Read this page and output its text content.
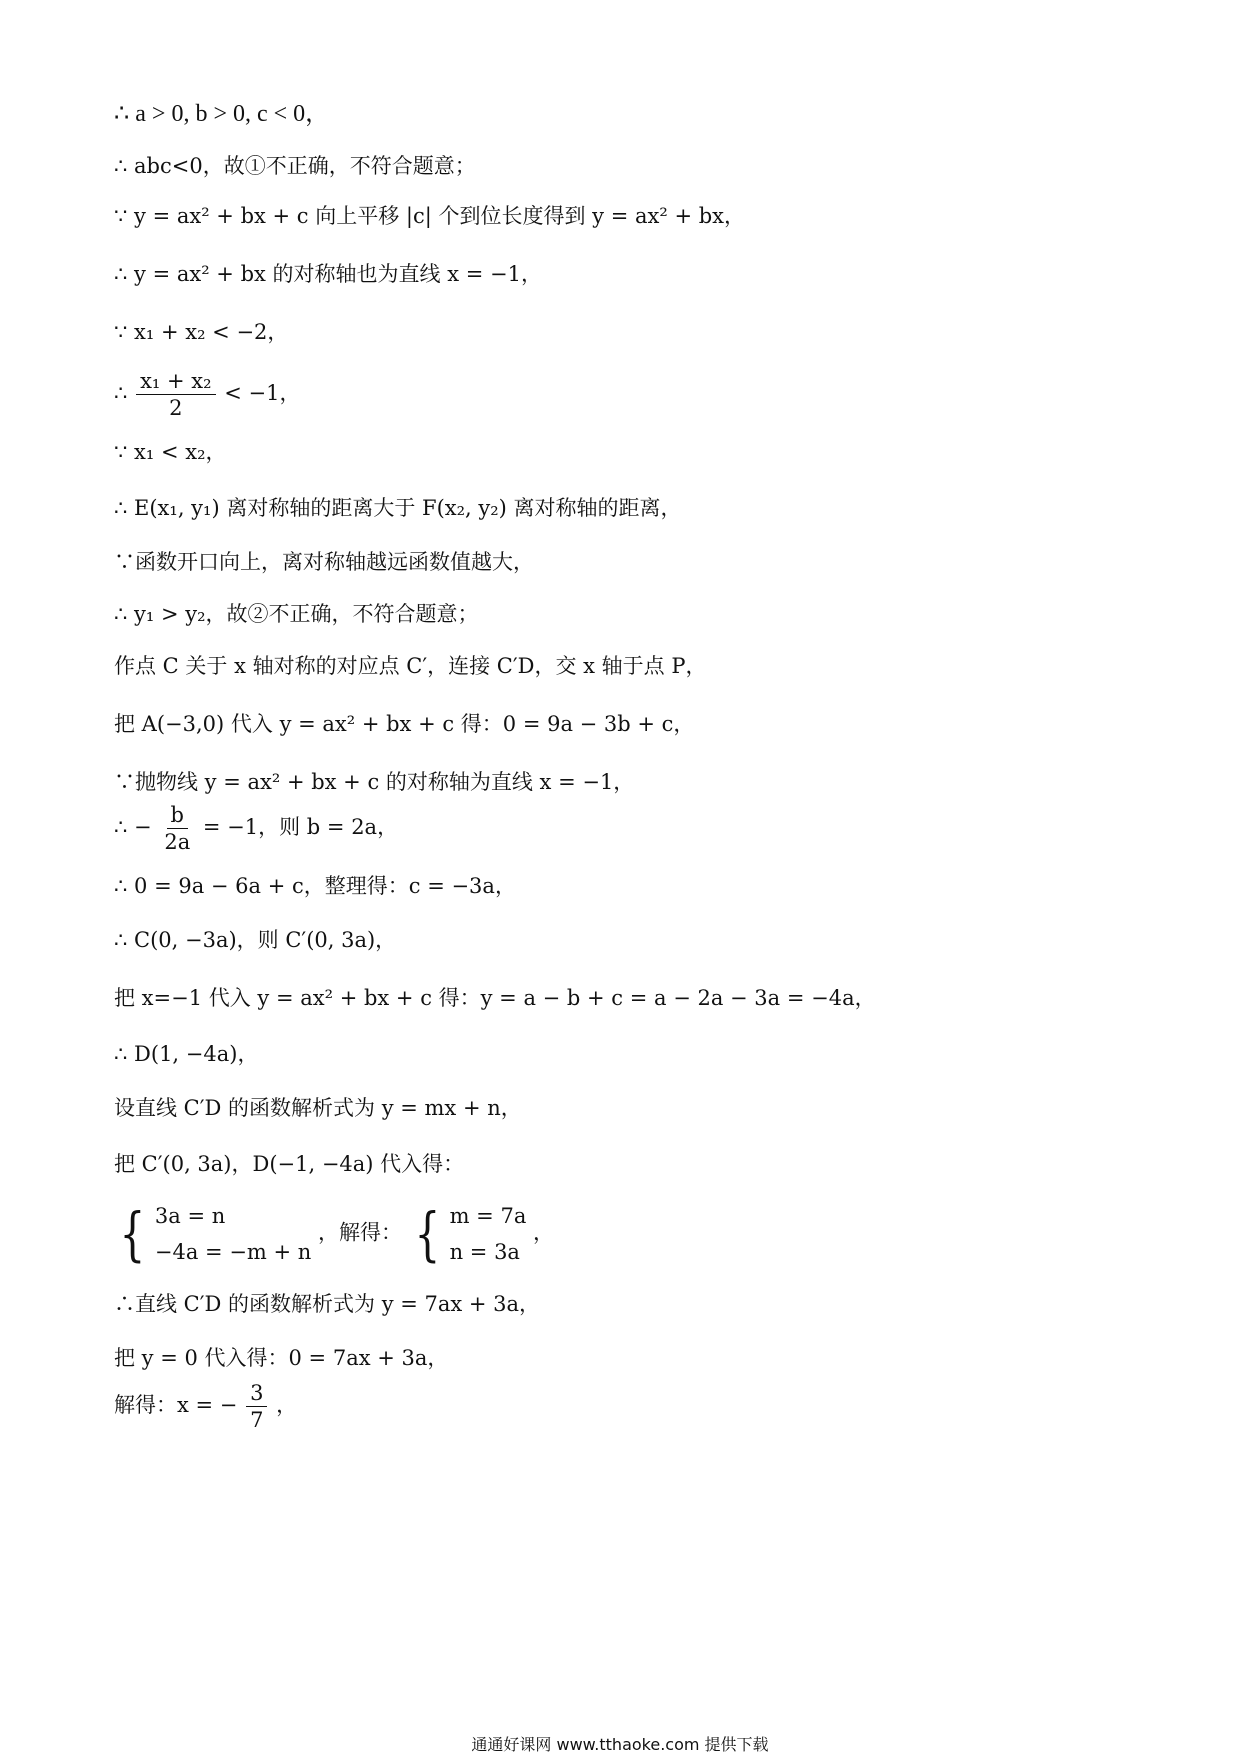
∴ a > 0, b > 0, c < 0，
∴ abc<0，故①不正确，不符合题意；
∵ y = ax² + bx + c 向上平移 |c| 个到位长度得到 y = ax² + bx，
∴ y = ax² + bx 的对称轴也为直线 x = −1，
∵ x₁ + x₂ < −2，
∴ $\frac{\text{x₁ + x₂}}{2} < -1$，
∵ x₁ < x₂，
∴ E(x₁, y₁) 离对称轴的距离大于 F(x₂, y₂) 离对称轴的距离，
∵函数开口向上，离对称轴越远函数值越大，
∴ y₁ > y₂，故②不正确，不符合题意；
作点 C 关于 x 轴对称的对应点 C′，连接 C′D，交 x 轴于点 P，
把 A(−3,0) 代入 y = ax² + bx + c 得：0 = 9a − 3b + c，
∵抛物线 y = ax² + bx + c 的对称轴为直线 x = −1，
∴ − $\frac{b}{2a} = -1$，则 b = 2a，
∴ 0 = 9a − 6a + c，整理得：c = −3a，
∴ C(0, −3a)，则 C′(0, 3a)，
把 x=−1 代入 y = ax² + bx + c 得：y = a − b + c = a − 2a − 3a = −4a，
∴ D(1, −4a)，
设直线 C′D 的函数解析式为 y = mx + n，
把 C′(0, 3a)，D(−1, −4a) 代入得：
{ 3a = n
−4a = −m + n
，解得： { m = 7a
n = 3a
，
∴直线 C′D 的函数解析式为 y = 7ax + 3a，
把 y = 0 代入得：0 = 7ax + 3a，
解得：x = − $\frac{3}{7}$ ，
通通好课网 www.tthaoke.com 提供下载
